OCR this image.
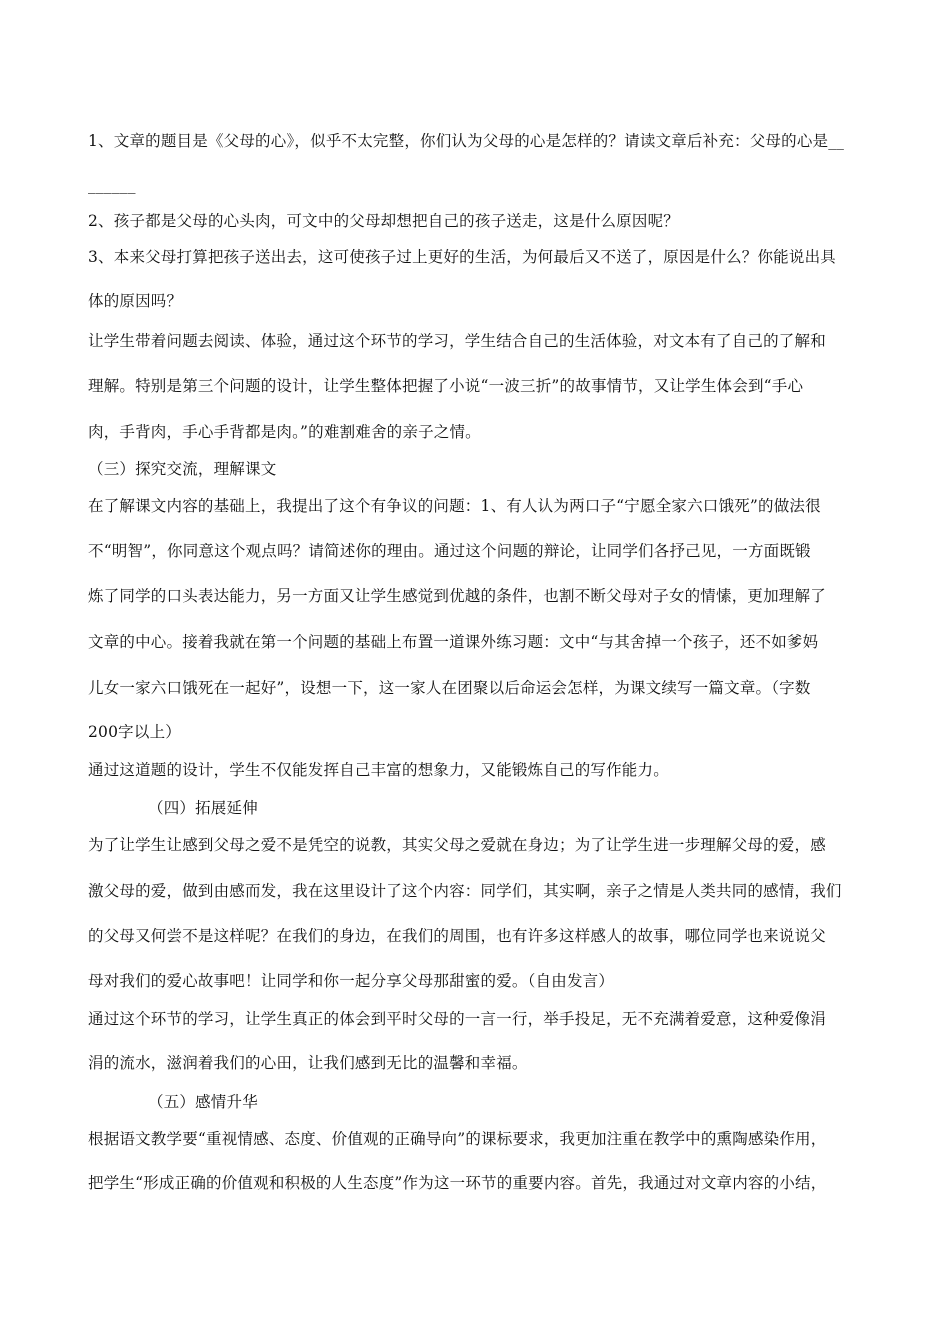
1、文章的题目是《父母的心》，似乎不太完整，你们认为父母的心是怎样的？请读文章后补充：父母的心是__
______
2、孩子都是父母的心头肉，可文中的父母却想把自己的孩子送走，这是什么原因呢？
3、本来父母打算把孩子送出去，这可使孩子过上更好的生活，为何最后又不送了，原因是什么？你能说出具
体的原因吗？
让学生带着问题去阅读、体验，通过这个环节的学习，学生结合自己的生活体验，对文本有了自己的了解和
理解。特别是第三个问题的设计，让学生整体把握了小说“一波三折”的故事情节，又让学生体会到“手心
肉，手背肉，手心手背都是肉。”的难割难舍的亲子之情。
（三）探究交流，理解课文
在了解课文内容的基础上，我提出了这个有争议的问题：1、有人认为两口子“宁愿全家六口饿死”的做法很
不“明智”，你同意这个观点吗？请简述你的理由。通过这个问题的辩论，让同学们各抒己见，一方面既锻
炼了同学的口头表达能力，另一方面又让学生感觉到优越的条件，也割不断父母对子女的情愫，更加理解了
文章的中心。接着我就在第一个问题的基础上布置一道课外练习题：文中“与其舍掉一个孩子，还不如爹妈
儿女一家六口饿死在一起好”，设想一下，这一家人在团聚以后命运会怎样，为课文续写一篇文章。（字数
200字以上）
通过这道题的设计，学生不仅能发挥自己丰富的想象力，又能锻炼自己的写作能力。
（四）拓展延伸
为了让学生让感到父母之爱不是凭空的说教，其实父母之爱就在身边；为了让学生进一步理解父母的爱，感
激父母的爱，做到由感而发，我在这里设计了这个内容：同学们，其实啊，亲子之情是人类共同的感情，我们
的父母又何尝不是这样呢？在我们的身边，在我们的周围，也有许多这样感人的故事，哪位同学也来说说父
母对我们的爱心故事吧！让同学和你一起分享父母那甜蜜的爱。（自由发言）
通过这个环节的学习，让学生真正的体会到平时父母的一言一行，举手投足，无不充满着爱意，这种爱像涓
涓的流水，滋润着我们的心田，让我们感到无比的温馨和幸福。
（五）感情升华
根据语文教学要“重视情感、态度、价值观的正确导向”的课标要求，我更加注重在教学中的熏陶感染作用，
把学生“形成正确的价值观和积极的人生态度”作为这一环节的重要内容。首先，我通过对文章内容的小结，
